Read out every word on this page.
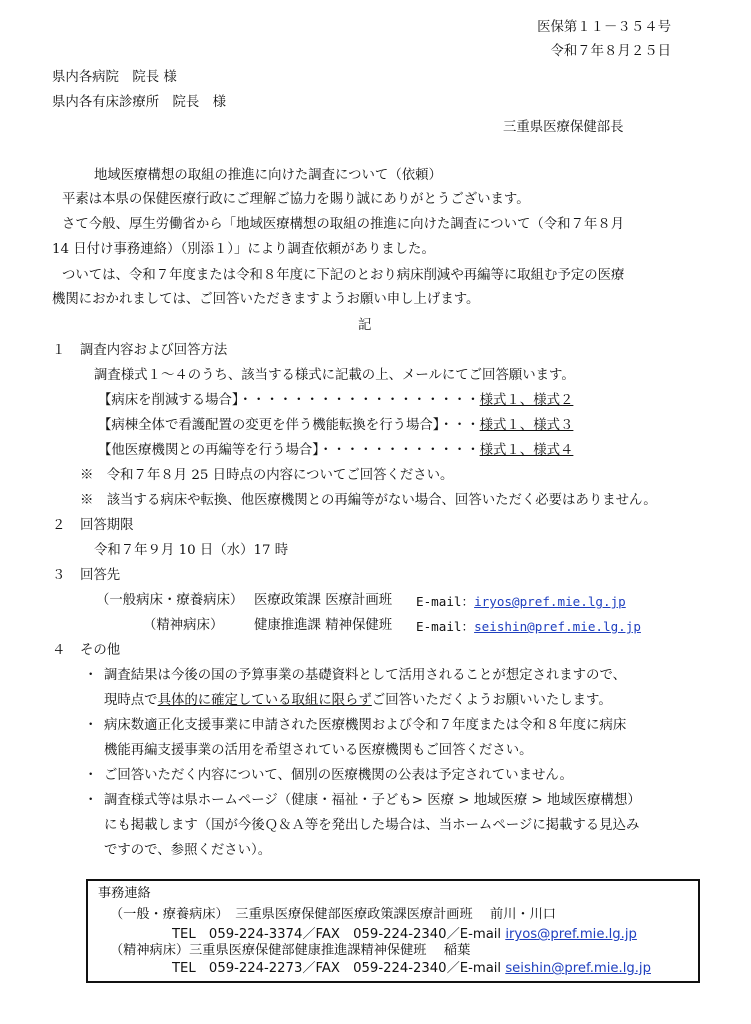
医保第１１－３５４号
令和７年８月２５日
県内各病院　院長 様
県内各有床診療所　院長　様
三重県医療保健部長
地域医療構想の取組の推進に向けた調査について（依頼）
平素は本県の保健医療行政にご理解ご協力を賜り誠にありがとうございます。
さて今般、厚生労働省から「地域医療構想の取組の推進に向けた調査について（令和７年８月
14 日付け事務連絡）（別添１）」により調査依頼がありました。
ついては、令和７年度または令和８年度に下記のとおり病床削減や再編等に取組む予定の医療
機関におかれましては、ご回答いただきますようお願い申し上げます。
記
１ 調査内容および回答方法
調査様式１～４のうち、該当する様式に記載の上、メールにてご回答願います。
【病床を削減する場合】・・・・・・・・・・・・・・・・・・様式１、様式２
【病棟全体で看護配置の変更を伴う機能転換を行う場合】・・・様式１、様式３
【他医療機関との再編等を行う場合】・・・・・・・・・・・・様式１、様式４
※　令和７年８月 25 日時点の内容についてご回答ください。
※　該当する病床や転換、他医療機関との再編等がない場合、回答いただく必要はありません。
２ 回答期限
令和７年９月 10 日（水）17 時
３ 回答先
（一般病床・療養病床） 医療政策課 医療計画班 E-mail：iryos@pref.mie.lg.jp
（精神病床） 健康推進課 精神保健班 E-mail：seishin@pref.mie.lg.jp
４ その他
・ 調査結果は今後の国の予算事業の基礎資料として活用されることが想定されますので、
現時点で具体的に確定している取組に限らずご回答いただくようお願いいたします。
・ 病床数適正化支援事業に申請された医療機関および令和７年度または令和８年度に病床
機能再編支援事業の活用を希望されている医療機関もご回答ください。
・ ご回答いただく内容について、個別の医療機関の公表は予定されていません。
・ 調査様式等は県ホームページ（健康・福祉・子ども> 医療 > 地域医療 > 地域医療構想）
にも掲載します（国が今後Ｑ＆Ａ等を発出した場合は、当ホームページに掲載する見込み
ですので、参照ください）。
事務連絡
（一般・療養病床）　三重県医療保健部医療政策課医療計画班　 前川・川口
TEL　059-224-3374／FAX　059-224-2340／E-mail iryos@pref.mie.lg.jp
（精神病床）三重県医療保健部健康推進課精神保健班　 稲葉
TEL　059-224-2273／FAX　059-224-2340／E-mail seishin@pref.mie.lg.jp
